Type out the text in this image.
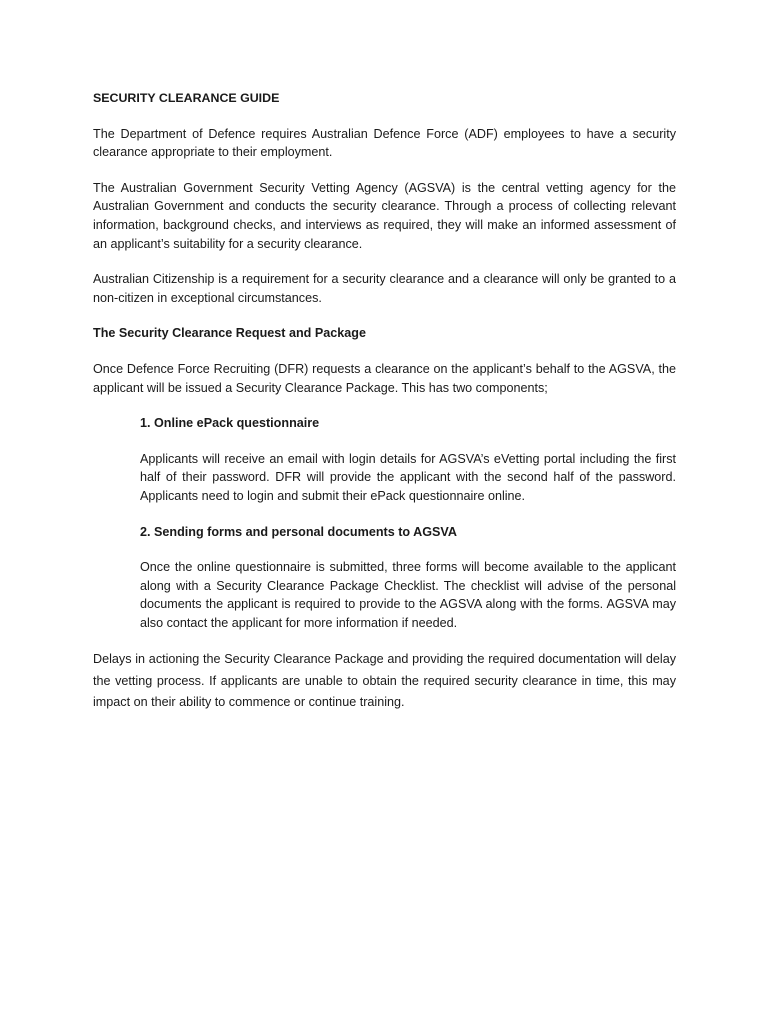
SECURITY CLEARANCE GUIDE

The Department of Defence requires Australian Defence Force (ADF) employees to have a security clearance appropriate to their employment.

The Australian Government Security Vetting Agency (AGSVA) is the central vetting agency for the Australian Government and conducts the security clearance. Through a process of collecting relevant information, background checks, and interviews as required, they will make an informed assessment of an applicant’s suitability for a security clearance.

Australian Citizenship is a requirement for a security clearance and a clearance will only be granted to a non-citizen in exceptional circumstances.

The Security Clearance Request and Package

Once Defence Force Recruiting (DFR) requests a clearance on the applicant’s behalf to the AGSVA, the applicant will be issued a Security Clearance Package. This has two components;

1. Online ePack questionnaire

Applicants will receive an email with login details for AGSVA’s eVetting portal including the first half of their password. DFR will provide the applicant with the second half of the password. Applicants need to login and submit their ePack questionnaire online.

2. Sending forms and personal documents to AGSVA

Once the online questionnaire is submitted, three forms will become available to the applicant along with a Security Clearance Package Checklist. The checklist will advise of the personal documents the applicant is required to provide to the AGSVA along with the forms. AGSVA may also contact the applicant for more information if needed.

Delays in actioning the Security Clearance Package and providing the required documentation will delay the vetting process. If applicants are unable to obtain the required security clearance in time, this may impact on their ability to commence or continue training.
